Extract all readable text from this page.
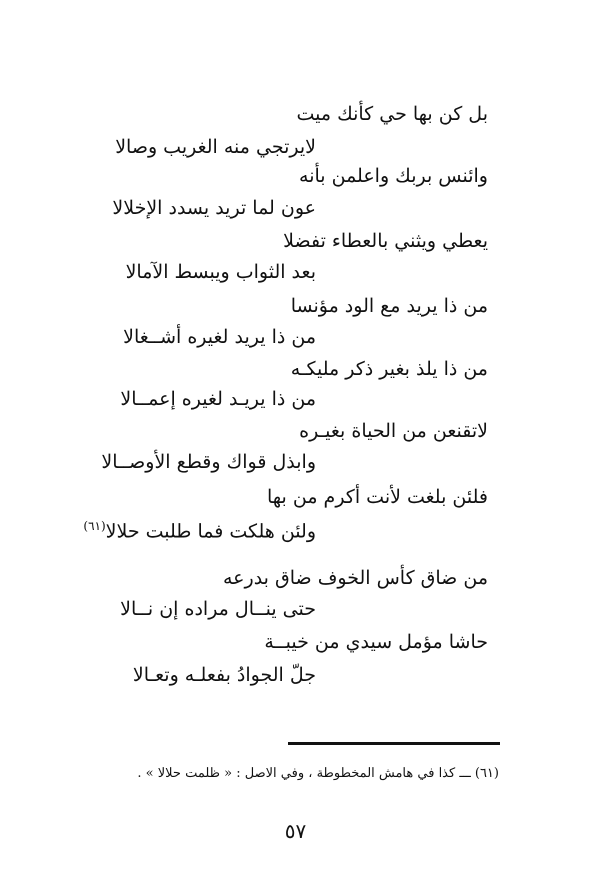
بل كن بها حي كأنك ميت
لايرتجي منه الغريب وصالا
وائنس بربك واعلمن بأنه
عون لما تريد يسدد الإخلالا
يعطي ويثني بالعطاء تفضلا
بعد الثواب ويبسط الآمالا
من ذا يريد مع الود مؤنسا
من ذا يريد لغيره أشــغالا
من ذا يلذ بغير ذكر مليكـه
من ذا يريـد لغيره إعمــالا
لاتقنعن من الحياة بغيـره
وابذل قواك وقطع الأوصــالا
فلئن بلغت لأنت أكرم من بها
ولئن هلكت فما طلبت حلالا$^{(٦١)}$
من ضاق كأس الخوف ضاق بدرعه
حتى ينــال مراده إن نــالا
حاشا مؤمل سيدي من خيبــة
جلّ الجوادُ بفعلـه وتعـالا
(٦١) ـــ كذا في هامش المخطوطة ، وفي الاصل : « ظلمت حلالا » .
٥٧
